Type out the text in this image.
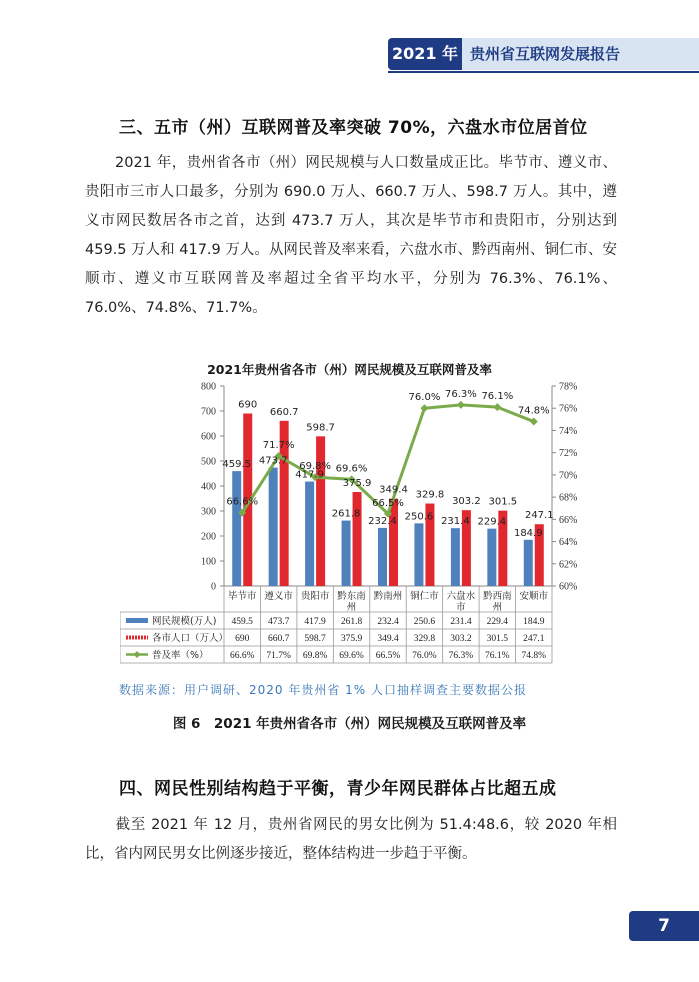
2021 年 贵州省互联网发展报告
三、五市（州）互联网普及率突破 70%，六盘水市位居首位

2021 年，贵州省各市（州）网民规模与人口数量成正比。毕节市、遵义市、贵阳市三市人口最多，分别为 690.0 万人、660.7 万人、598.7 万人。其中，遵义市网民数居各市之首，达到 473.7 万人，其次是毕节市和贵阳市，分别达到 459.5 万人和 417.9 万人。从网民普及率来看，六盘水市、黔西南州、铜仁市、安顺市、遵义市互联网普及率超过全省平均水平，分别为 76.3%、76.1%、76.0%、74.8%、71.7%。

2021年贵州省各市（州）网民规模及互联网普及率
0
100
200
300
400
500
600
700
800
60%
62%
64%
66%
68%
70%
72%
74%
76%
78%
459.5
690
66.6%
473.7
660.7
71.7%
417.9
598.7
69.8%
261.8
375.9
69.6%
232.4
349.4
66.5%
250.6
329.8
76.0%
231.4
303.2
76.3%
229.4
301.5
76.1%
184.9
247.1
74.8%
毕节市 遵义市 贵阳市 黔东南
州
黔南州 铜仁市 六盘水
市
黔西南
州
安顺市
网民规模(万人)
各市人口（万人）
普及率（%）
459.5 473.7 417.9 261.8 232.4 250.6 231.4 229.4 184.9
690 660.7 598.7 375.9 349.4 329.8 303.2 301.5 247.1
66.6% 71.7% 69.8% 69.6% 66.5% 76.0% 76.3% 76.1% 74.8%
数据来源：用户调研、2020 年贵州省 1% 人口抽样调查主要数据公报
图 6　2021 年贵州省各市（州）网民规模及互联网普及率
四、网民性别结构趋于平衡，青少年网民群体占比超五成

截至 2021 年 12 月，贵州省网民的男女比例为 51.4:48.6，较 2020 年相比，省内网民男女比例逐步接近，整体结构进一步趋于平衡。

7
